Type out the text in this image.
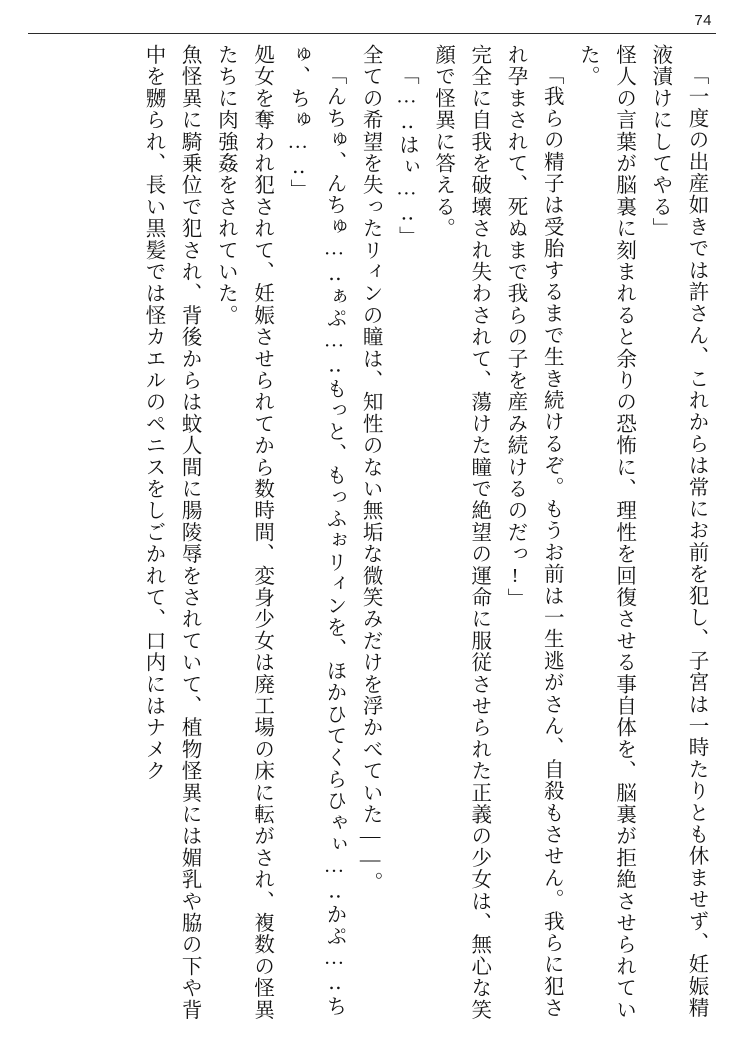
74
「一度の出産如きでは許さん、これからは常にお前を犯し、子宮は一時たりとも休ませず、妊娠精液漬けにしてやる」
怪人の言葉が脳裏に刻まれると余りの恐怖に、理性を回復させる事自体を、脳裏が拒絶させられていた。
「我らの精子は受胎するまで生き続けるぞ。もうお前は一生逃がさん、自殺もさせん。我らに犯され孕まされて、死ぬまで我らの子を産み続けるのだっ!」
完全に自我を破壊され失わされて、蕩けた瞳で絶望の運命に服従させられた正義の少女は、無心な笑顔で怪異に答える。
「…‥はぃ…‥」
全ての希望を失ったリィンの瞳は、知性のない無垢な微笑みだけを浮かべていた――。
「んちゅ、んちゅ…‥ぁぷ…‥もっと、もっふぉリィンを、ほかひてくらひゃぃ…‥かぷ…‥ちゅ、ちゅ…‥」
処女を奪われ犯されて、妊娠させられてから数時間、変身少女は廃工場の床に転がされ、複数の怪異たちに肉強姦をされていた。
魚怪異に騎乗位で犯され、背後からは蚊人間に腸陵辱をされていて、植物怪異には媚乳や脇の下や背中を嬲られ、長い黒髪では怪カエルのペニスをしごかれて、口内にはナメク
